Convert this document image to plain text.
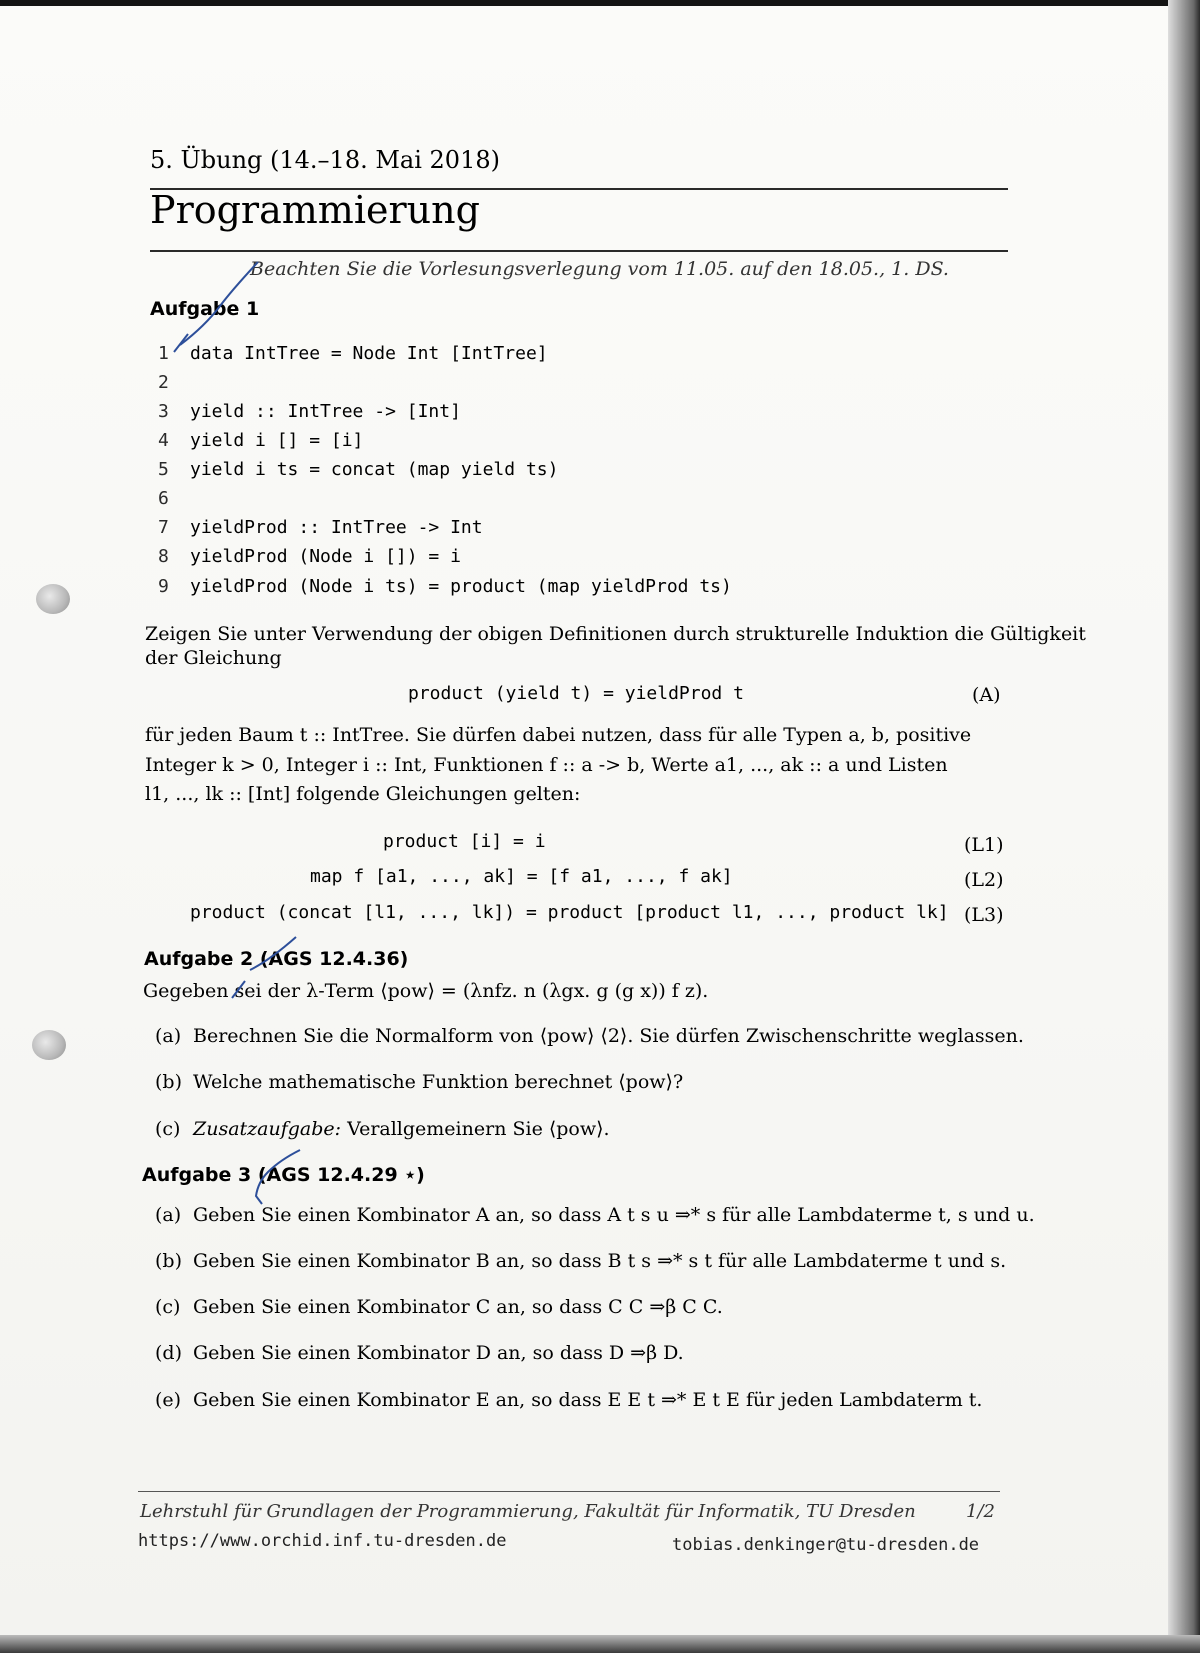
5. Übung (14.–18. Mai 2018)
Programmierung
Beachten Sie die Vorlesungsverlegung vom 11.05. auf den 18.05., 1. DS.
Aufgabe 1
1 data IntTree = Node Int [IntTree]
2
3 yield :: IntTree -> [Int]
4 yield i [] = [i]
5 yield i ts = concat (map yield ts)
6
7 yieldProd :: IntTree -> Int
8 yieldProd (Node i []) = i
9 yieldProd (Node i ts) = product (map yieldProd ts)
Zeigen Sie unter Verwendung der obigen Definitionen durch strukturelle Induktion die Gültigkeit
der Gleichung
product (yield t) = yieldProd t	(A)
für jeden Baum t :: IntTree. Sie dürfen dabei nutzen, dass für alle Typen a, b, positive
Integer k > 0, Integer i :: Int, Funktionen f :: a -> b, Werte a1, ..., ak :: a und Listen
l1, ..., lk :: [Int] folgende Gleichungen gelten:
product [i] = i	(L1)
map f [a1, ..., ak] = [f a1, ..., f ak]	(L2)
product (concat [l1, ..., lk]) = product [product l1, ..., product lk] (L3)
Aufgabe 2 (AGS 12.4.36)
Gegeben sei der λ-Term ⟨pow⟩ = (λnfz. n (λgx. g (g x)) f z).
(a) Berechnen Sie die Normalform von ⟨pow⟩ ⟨2⟩. Sie dürfen Zwischenschritte weglassen.
(b) Welche mathematische Funktion berechnet ⟨pow⟩?
(c) Zusatzaufgabe: Verallgemeinern Sie ⟨pow⟩.
Aufgabe 3 (AGS 12.4.29 ⋆)
(a) Geben Sie einen Kombinator A an, so dass A t s u ⇒* s für alle Lambdaterme t, s und u.
(b) Geben Sie einen Kombinator B an, so dass B t s ⇒* s t für alle Lambdaterme t und s.
(c) Geben Sie einen Kombinator C an, so dass C C ⇒β C C.
(d) Geben Sie einen Kombinator D an, so dass D ⇒β D.
(e) Geben Sie einen Kombinator E an, so dass E E t ⇒* E t E für jeden Lambdaterm t.
Lehrstuhl für Grundlagen der Programmierung, Fakultät für Informatik, TU Dresden	1/2
https://www.orchid.inf.tu-dresden.de	tobias.denkinger@tu-dresden.de
